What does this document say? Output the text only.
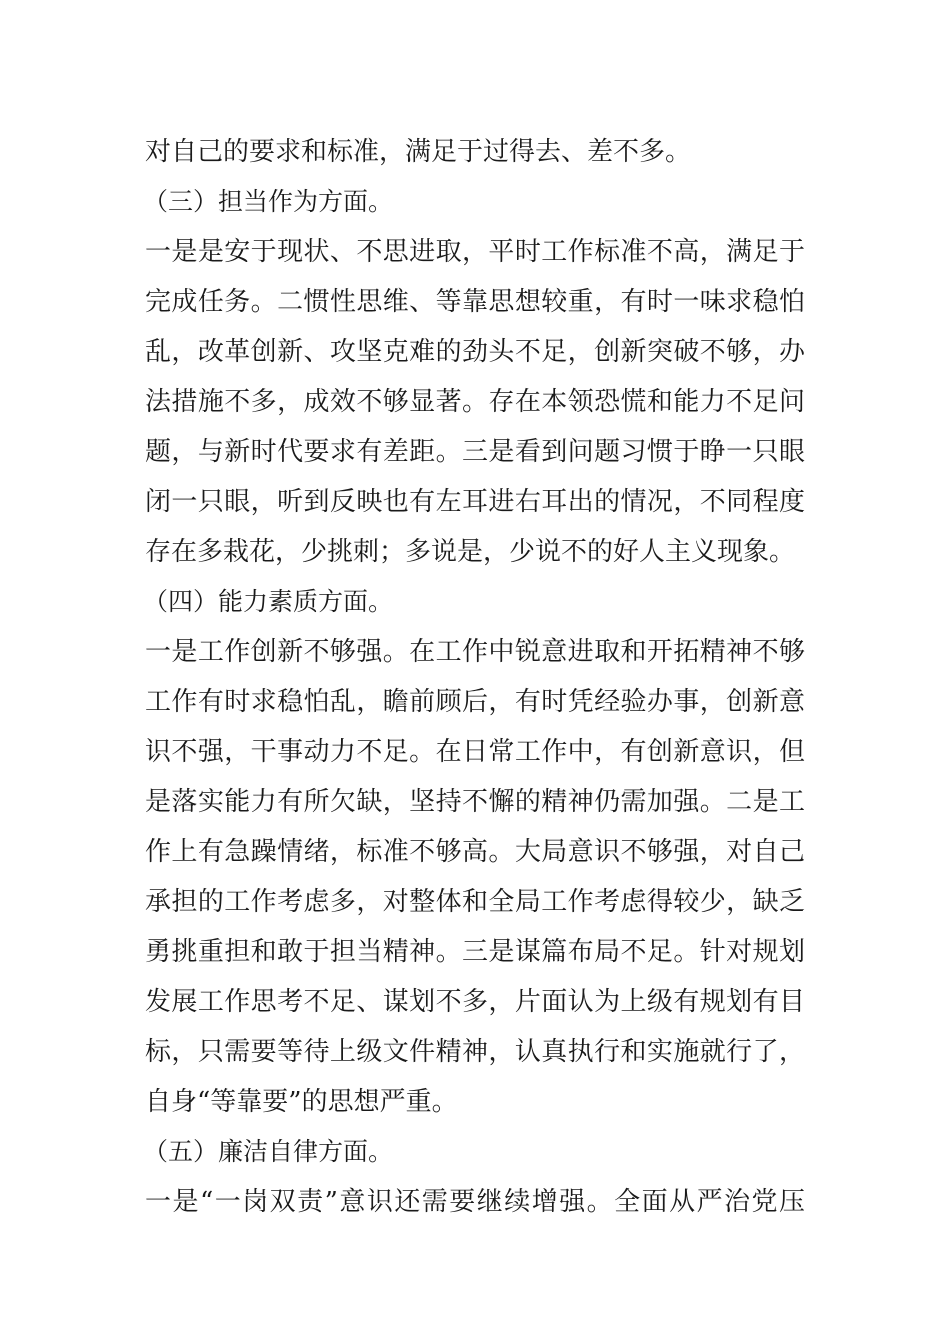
对自己的要求和标准，满足于过得去、差不多。
（三）担当作为方面。
一是是安于现状、不思进取，平时工作标准不高，满足于
完成任务。二惯性思维、等靠思想较重，有时一味求稳怕
乱，改革创新、攻坚克难的劲头不足，创新突破不够，办
法措施不多，成效不够显著。存在本领恐慌和能力不足问
题，与新时代要求有差距。三是看到问题习惯于睁一只眼
闭一只眼，听到反映也有左耳进右耳出的情况，不同程度
存在多栽花，少挑刺；多说是，少说不的好人主义现象。
（四）能力素质方面。
一是工作创新不够强。在工作中锐意进取和开拓精神不够
工作有时求稳怕乱，瞻前顾后，有时凭经验办事，创新意
识不强，干事动力不足。在日常工作中，有创新意识，但
是落实能力有所欠缺，坚持不懈的精神仍需加强。二是工
作上有急躁情绪，标准不够高。大局意识不够强，对自己
承担的工作考虑多，对整体和全局工作考虑得较少，缺乏
勇挑重担和敢于担当精神。三是谋篇布局不足。针对规划
发展工作思考不足、谋划不多，片面认为上级有规划有目
标，只需要等待上级文件精神，认真执行和实施就行了，
自身“等靠要”的思想严重。
（五）廉洁自律方面。
一是“一岗双责”意识还需要继续增强。全面从严治党压
